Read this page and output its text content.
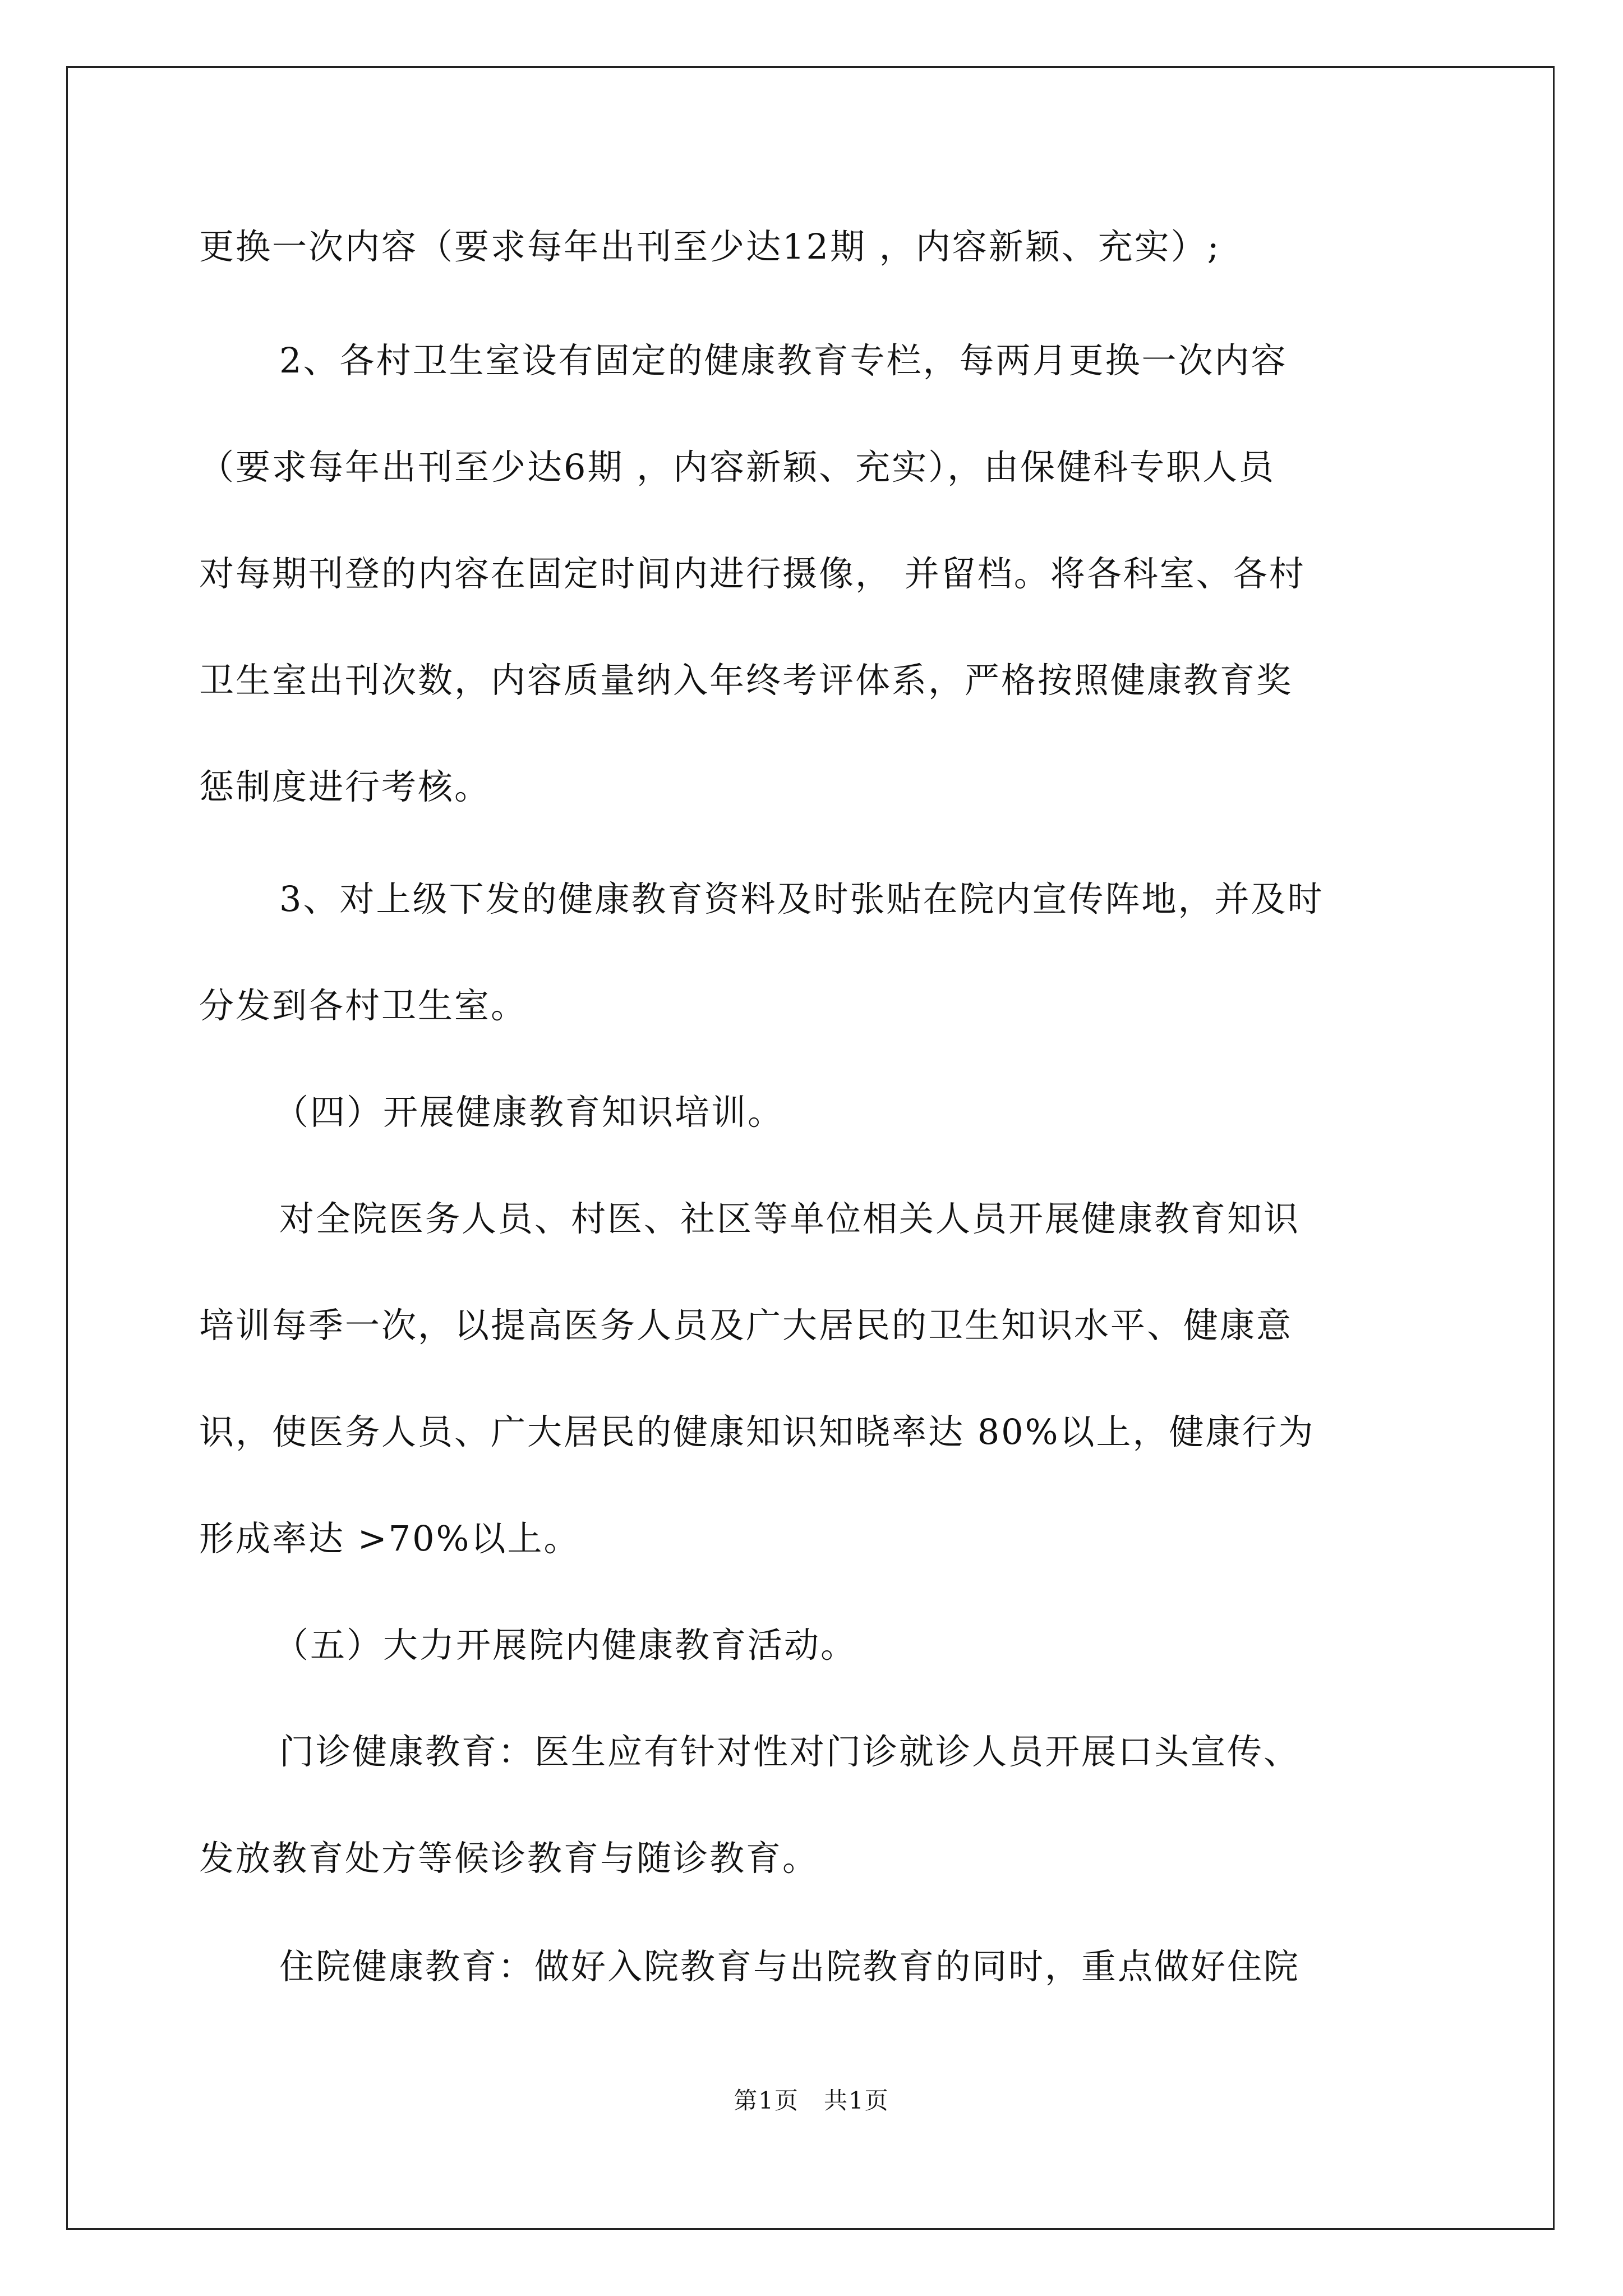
更换一次内容（要求每年出刊至少达12期 ，内容新颖、充实）;
2、各村卫生室设有固定的健康教育专栏，每两月更换一次内容
（要求每年出刊至少达6期 ，内容新颖、充实），由保健科专职人员
对每期刊登的内容在固定时间内进行摄像， 并留档。将各科室、各村
卫生室出刊次数，内容质量纳入年终考评体系，严格按照健康教育奖
惩制度进行考核。
3、对上级下发的健康教育资料及时张贴在院内宣传阵地，并及时
分发到各村卫生室。
（四）开展健康教育知识培训。
对全院医务人员、村医、社区等单位相关人员开展健康教育知识
培训每季一次，以提高医务人员及广大居民的卫生知识水平、健康意
识，使医务人员、广大居民的健康知识知晓率达 80%以上，健康行为
形成率达 >70%以上。
（五）大力开展院内健康教育活动。
门诊健康教育：医生应有针对性对门诊就诊人员开展口头宣传、
发放教育处方等候诊教育与随诊教育。
住院健康教育：做好入院教育与出院教育的同时，重点做好住院
第1页　共1页
